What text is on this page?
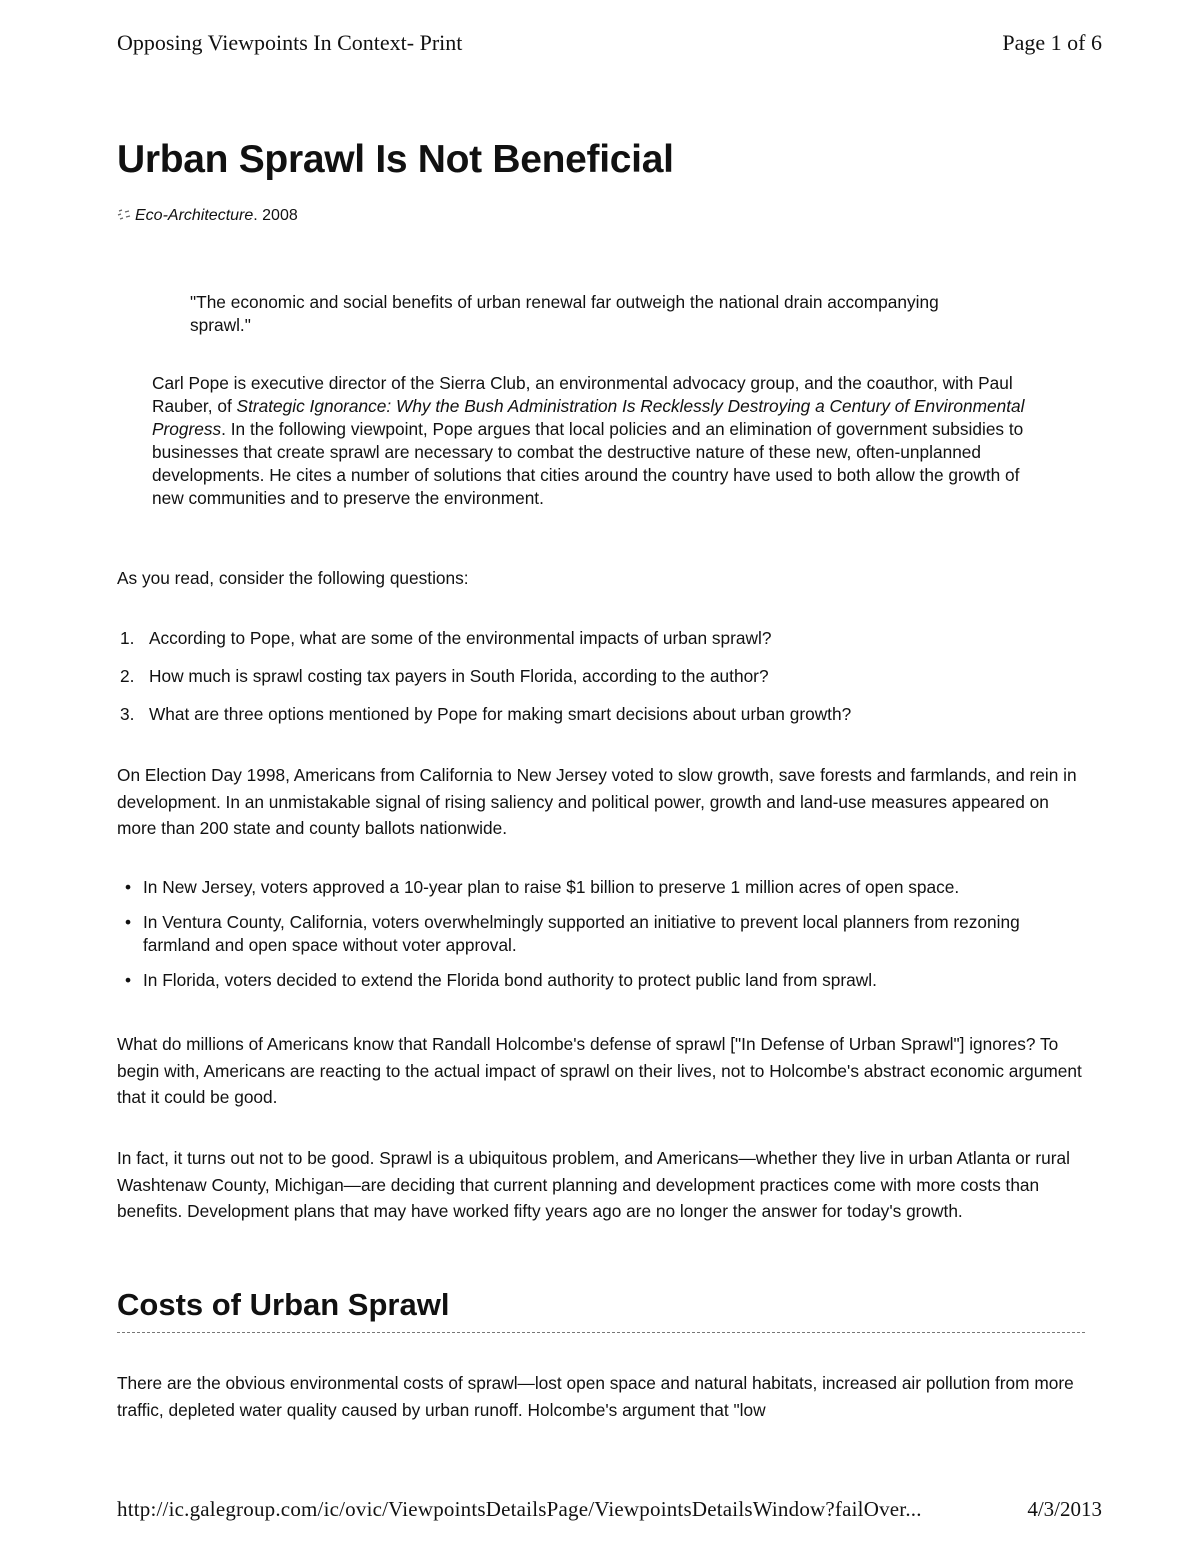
Opposing Viewpoints In Context- Print	Page 1 of 6
Urban Sprawl Is Not Beneficial
Eco-Architecture. 2008
"The economic and social benefits of urban renewal far outweigh the national drain accompanying sprawl."
Carl Pope is executive director of the Sierra Club, an environmental advocacy group, and the coauthor, with Paul Rauber, of Strategic Ignorance: Why the Bush Administration Is Recklessly Destroying a Century of Environmental Progress. In the following viewpoint, Pope argues that local policies and an elimination of government subsidies to businesses that create sprawl are necessary to combat the destructive nature of these new, often-unplanned developments. He cites a number of solutions that cities around the country have used to both allow the growth of new communities and to preserve the environment.
As you read, consider the following questions:
1. According to Pope, what are some of the environmental impacts of urban sprawl?
2. How much is sprawl costing tax payers in South Florida, according to the author?
3. What are three options mentioned by Pope for making smart decisions about urban growth?
On Election Day 1998, Americans from California to New Jersey voted to slow growth, save forests and farmlands, and rein in development. In an unmistakable signal of rising saliency and political power, growth and land-use measures appeared on more than 200 state and county ballots nationwide.
• In New Jersey, voters approved a 10-year plan to raise $1 billion to preserve 1 million acres of open space.
• In Ventura County, California, voters overwhelmingly supported an initiative to prevent local planners from rezoning farmland and open space without voter approval.
• In Florida, voters decided to extend the Florida bond authority to protect public land from sprawl.
What do millions of Americans know that Randall Holcombe's defense of sprawl ["In Defense of Urban Sprawl"] ignores? To begin with, Americans are reacting to the actual impact of sprawl on their lives, not to Holcombe's abstract economic argument that it could be good.
In fact, it turns out not to be good. Sprawl is a ubiquitous problem, and Americans—whether they live in urban Atlanta or rural Washtenaw County, Michigan—are deciding that current planning and development practices come with more costs than benefits. Development plans that may have worked fifty years ago are no longer the answer for today's growth.
Costs of Urban Sprawl
There are the obvious environmental costs of sprawl—lost open space and natural habitats, increased air pollution from more traffic, depleted water quality caused by urban runoff. Holcombe's argument that "low
http://ic.galegroup.com/ic/ovic/ViewpointsDetailsPage/ViewpointsDetailsWindow?failOver...	4/3/2013
